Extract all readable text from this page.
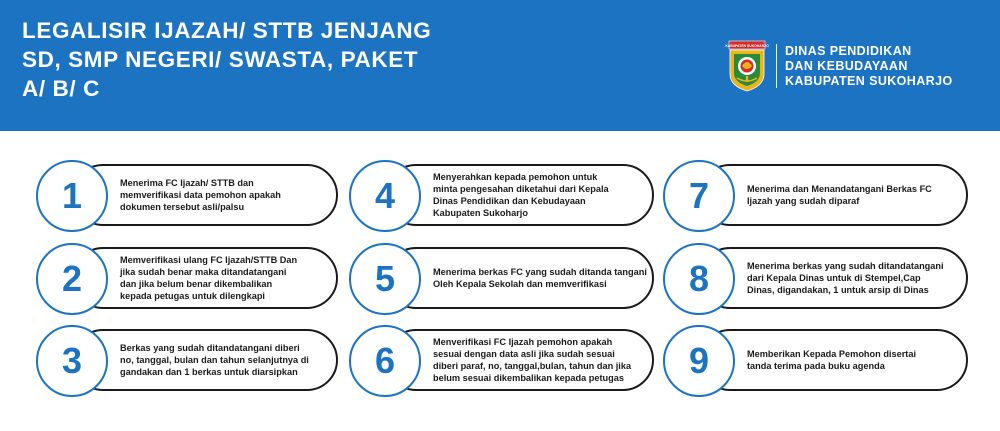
LEGALISIR IJAZAH/ STTB JENJANG
SD, SMP NEGERI/ SWASTA, PAKET
A/ B/ C
KABUPATEN SUKOHARJO DINAS PENDIDIKAN
DAN KEBUDAYAAN
KABUPATEN SUKOHARJO
1	Menerima FC Ijazah/ STTB dan memverifikasi data pemohon apakah dokumen tersebut asli/palsu
2	Memverifikasi ulang FC Ijazah/STTB Dan jika sudah benar maka ditandatangani dan jika belum benar dikembalikan kepada petugas untuk dilengkapi
3	Berkas yang sudah ditandatangani diberi no, tanggal, bulan dan tahun selanjutnya di gandakan dan 1 berkas untuk diarsipkan
4	Menyerahkan kepada pemohon untuk minta pengesahan diketahui dari Kepala Dinas Pendidikan dan Kebudayaan Kabupaten Sukoharjo
5	Menerima berkas FC yang sudah ditanda tangani Oleh Kepala Sekolah dan memverifikasi
6	Menverifikasi FC Ijazah pemohon apakah sesuai dengan data asli jika sudah sesuai diberi paraf, no, tanggal,bulan, tahun dan jika belum sesuai dikembalikan kepada petugas
7	Menerima dan Menandatangani Berkas FC Ijazah yang sudah diparaf
8	Menerima berkas yang sudah ditandatangani dari Kepala Dinas untuk di Stempel,Cap Dinas, digandakan, 1 untuk arsip di Dinas
9	Memberikan Kepada Pemohon disertai tanda terima pada buku agenda
